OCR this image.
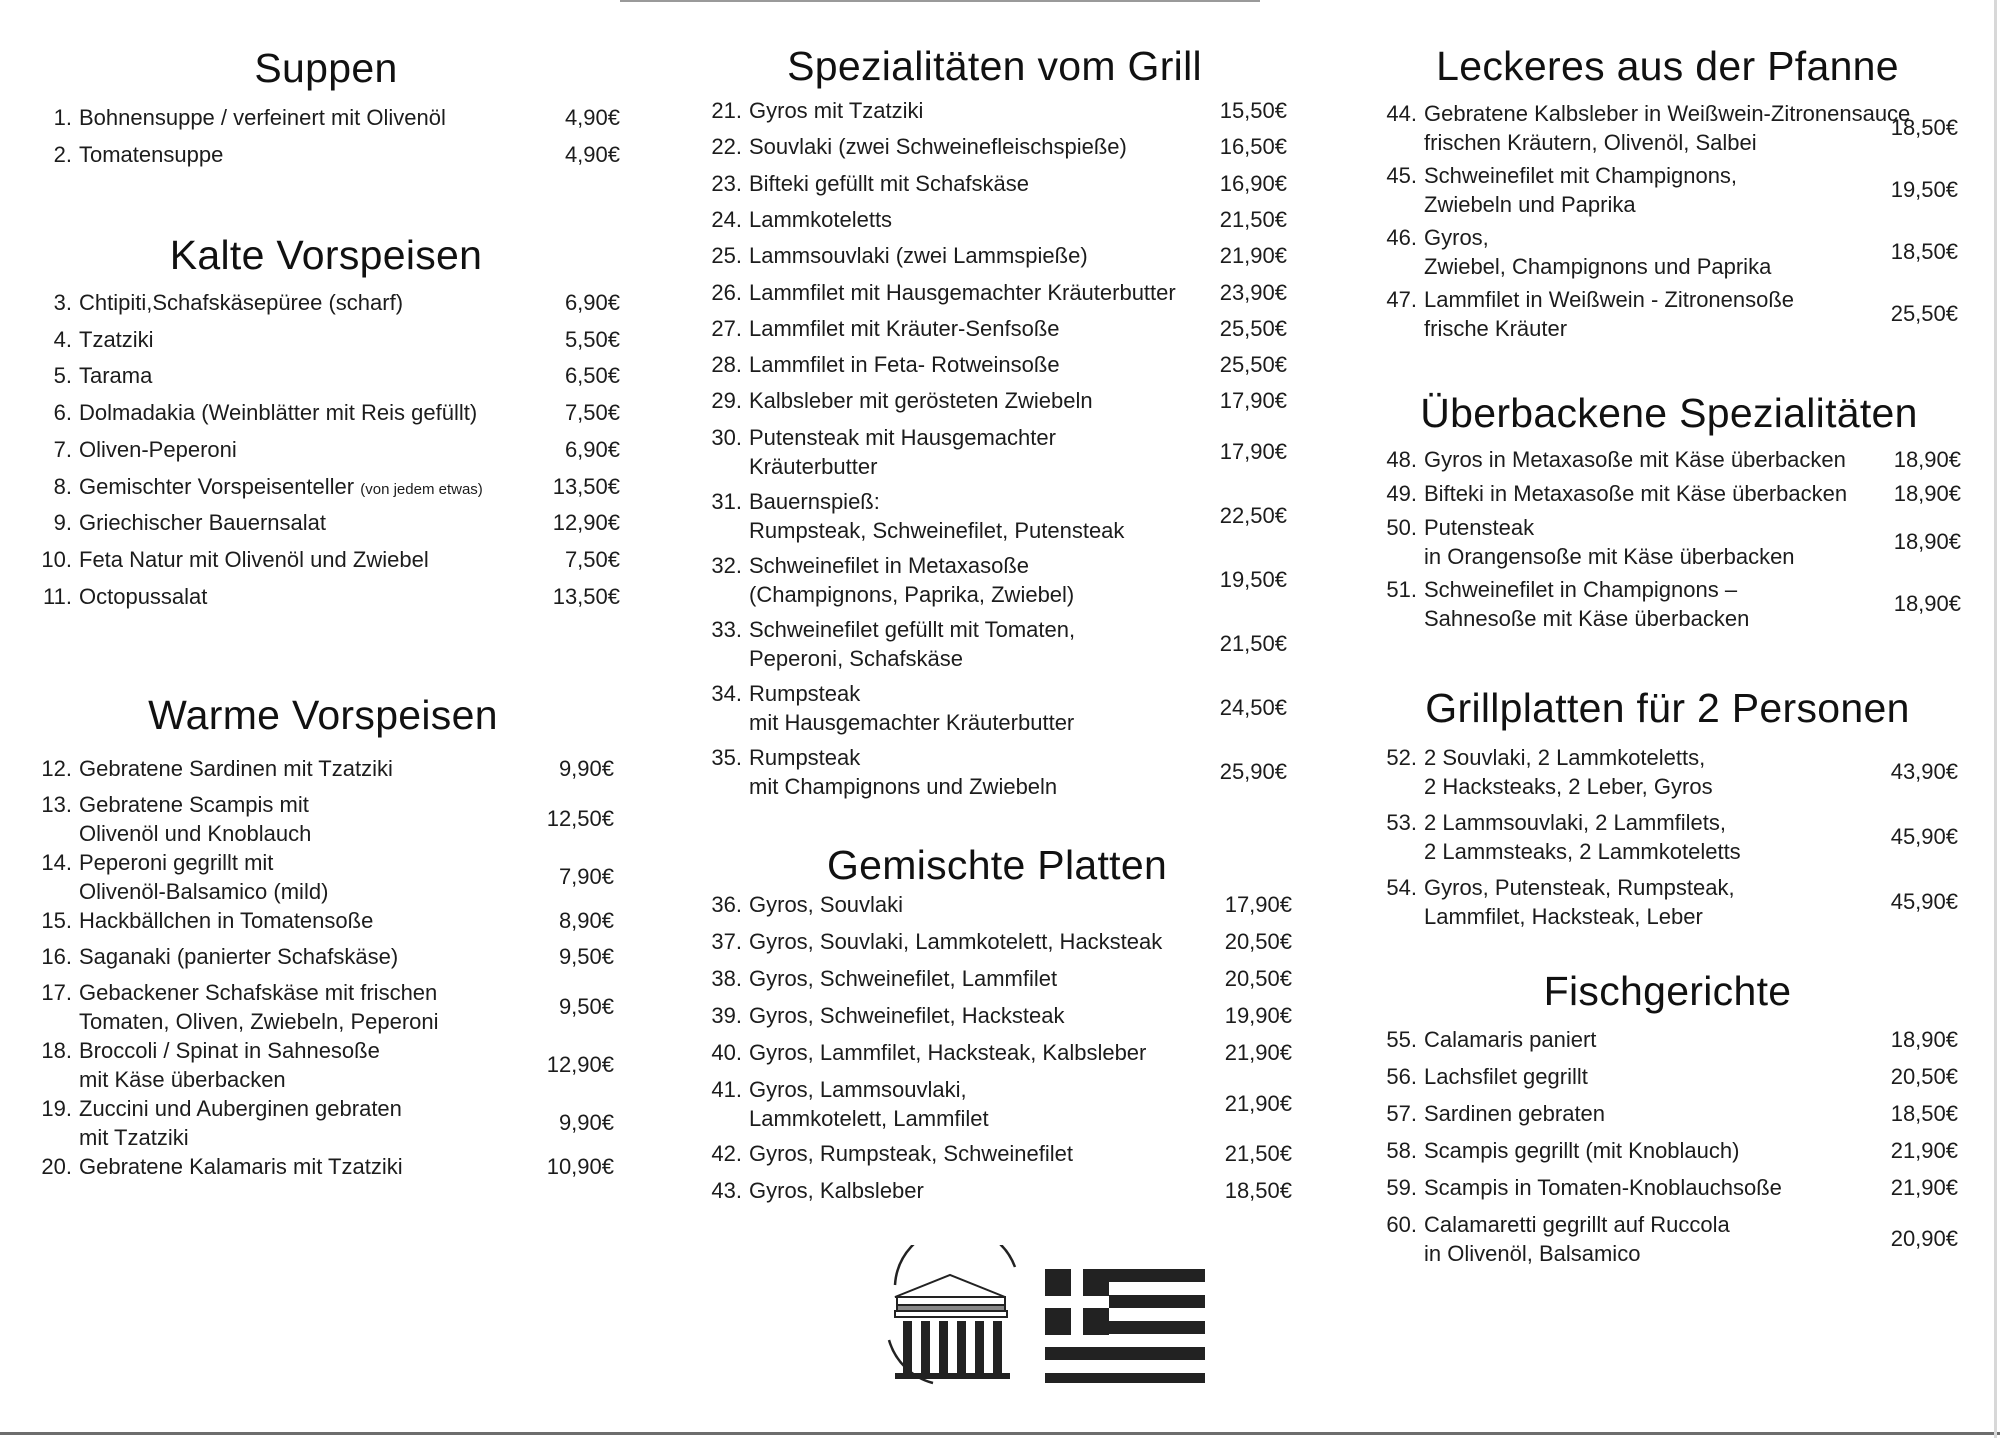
Suppen
1. Bohnensuppe / verfeinert mit Olivenöl	4,90€
2. Tomatensuppe	4,90€
Kalte Vorspeisen
3. Chtipiti,Schafskäsepüree (scharf)	6,90€
4. Tzatziki	5,50€
5. Tarama	6,50€
6. Dolmadakia (Weinblätter mit Reis gefüllt)	7,50€
7. Oliven-Peperoni	6,90€
8. Gemischter Vorspeisenteller (von jedem etwas)	13,50€
9. Griechischer Bauernsalat	12,90€
10. Feta Natur mit Olivenöl und Zwiebel	7,50€
11. Octopussalat	13,50€
Warme Vorspeisen
12. Gebratene Sardinen mit Tzatziki	9,90€
13. Gebratene Scampis mit
Olivenöl und Knoblauch
12,50€
14. Peperoni gegrillt mit
Olivenöl-Balsamico (mild)
7,90€
15. Hackbällchen in Tomatensoße	8,90€
16. Saganaki (panierter Schafskäse)	9,50€
17. Gebackener Schafskäse mit frischen
Tomaten, Oliven, Zwiebeln, Peperoni
9,50€
18. Broccoli / Spinat in Sahnesoße
mit Käse überbacken
12,90€
19. Zuccini und Auberginen gebraten
mit Tzatziki
9,90€
20. Gebratene Kalamaris mit Tzatziki	10,90€
Spezialitäten vom Grill
21. Gyros mit Tzatziki	15,50€
22. Souvlaki (zwei Schweinefleischspieße)	16,50€
23. Bifteki gefüllt mit Schafskäse	16,90€
24. Lammkoteletts	21,50€
25. Lammsouvlaki (zwei Lammspieße)	21,90€
26. Lammfilet mit Hausgemachter Kräuterbutter 23,90€
27. Lammfilet mit Kräuter-Senfsoße	25,50€
28. Lammfilet in Feta- Rotweinsoße	25,50€
29. Kalbsleber mit gerösteten Zwiebeln	17,90€
30. Putensteak mit Hausgemachter
Kräuterbutter
17,90€
31. Bauernspieß:
Rumpsteak, Schweinefilet, Putensteak
22,50€
32. Schweinefilet in Metaxasoße
(Champignons, Paprika, Zwiebel)
19,50€
33. Schweinefilet gefüllt mit Tomaten,
Peperoni, Schafskäse
21,50€
34. Rumpsteak
mit Hausgemachter Kräuterbutter
24,50€
35. Rumpsteak
mit Champignons und Zwiebeln
25,90€
Gemischte Platten
36. Gyros, Souvlaki	17,90€
37. Gyros, Souvlaki, Lammkotelett, Hacksteak	20,50€
38. Gyros, Schweinefilet, Lammfilet	20,50€
39. Gyros, Schweinefilet, Hacksteak	19,90€
40. Gyros, Lammfilet, Hacksteak, Kalbsleber	21,90€
41. Gyros, Lammsouvlaki,
Lammkotelett, Lammfilet
21,90€
42. Gyros, Rumpsteak, Schweinefilet	21,50€
43. Gyros, Kalbsleber	18,50€
Leckeres aus der Pfanne
44. Gebratene Kalbsleber in Weißwein-Zitronensauce
frischen Kräutern, Olivenöl, Salbei
18,50€
45. Schweinefilet mit Champignons,
Zwiebeln und Paprika
19,50€
46. Gyros,
Zwiebel, Champignons und Paprika
18,50€
47. Lammfilet in Weißwein - Zitronensoße
frische Kräuter
25,50€
Überbackene Spezialitäten
48. Gyros in Metaxasoße mit Käse überbacken 18,90€
49. Bifteki in Metaxasoße mit Käse überbacken 18,90€
50. Putensteak
in Orangensoße mit Käse überbacken
18,90€
51. Schweinefilet in Champignons –
Sahnesoße mit Käse überbacken
18,90€
Grillplatten für 2 Personen
52. 2 Souvlaki, 2 Lammkoteletts,
2 Hacksteaks, 2 Leber, Gyros
43,90€
53. 2 Lammsouvlaki, 2 Lammfilets,
2 Lammsteaks, 2 Lammkoteletts
45,90€
54. Gyros, Putensteak, Rumpsteak,
Lammfilet, Hacksteak, Leber
45,90€
Fischgerichte
55. Calamaris paniert	18,90€
56. Lachsfilet gegrillt	20,50€
57. Sardinen gebraten	18,50€
58. Scampis gegrillt (mit Knoblauch)	21,90€
59. Scampis in Tomaten-Knoblauchsoße	21,90€
60. Calamaretti gegrillt auf Ruccola
in Olivenöl, Balsamico
20,90€
